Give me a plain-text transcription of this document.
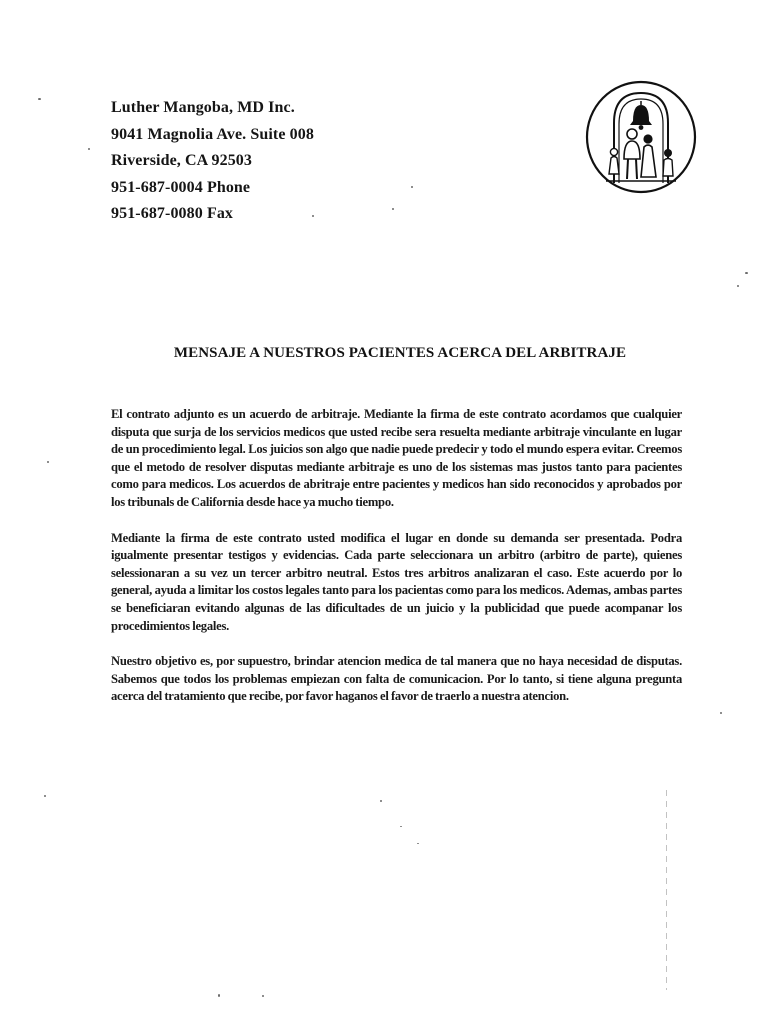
Luther Mangoba, MD Inc.
9041 Magnolia Ave. Suite 008
Riverside, CA 92503
951-687-0004 Phone
951-687-0080 Fax
MENSAJE A NUESTROS PACIENTES ACERCA DEL ARBITRAJE

El contrato adjunto es un acuerdo de arbitraje. Mediante la firma de este contrato acordamos que cualquier disputa que surja de los servicios medicos que usted recibe sera resuelta mediante arbitraje vinculante en lugar de un procedimiento legal. Los juicios son algo que nadie puede predecir y todo el mundo espera evitar. Creemos que el metodo de resolver disputas mediante arbitraje es uno de los sistemas mas justos tanto para pacientes como para medicos. Los acuerdos de abritraje entre pacientes y medicos han sido reconocidos y aprobados por los tribunals de California desde hace ya mucho tiempo.

Mediante la firma de este contrato usted modifica el lugar en donde su demanda ser presentada. Podra igualmente presentar testigos y evidencias. Cada parte seleccionara un arbitro (arbitro de parte), quienes selessionaran a su vez un tercer arbitro neutral. Estos tres arbitros analizaran el caso. Este acuerdo por lo general, ayuda a limitar los costos legales tanto para los pacientas como para los medicos. Ademas, ambas partes se beneficiaran evitando algunas de las dificultades de un juicio y la publicidad que puede acompanar los procedimientos legales.

Nuestro objetivo es, por supuestro, brindar atencion medica de tal manera que no haya necesidad de disputas. Sabemos que todos los problemas empiezan con falta de comunicacion. Por lo tanto, si tiene alguna pregunta acerca del tratamiento que recibe, por favor haganos el favor de traerlo a nuestra atencion.
